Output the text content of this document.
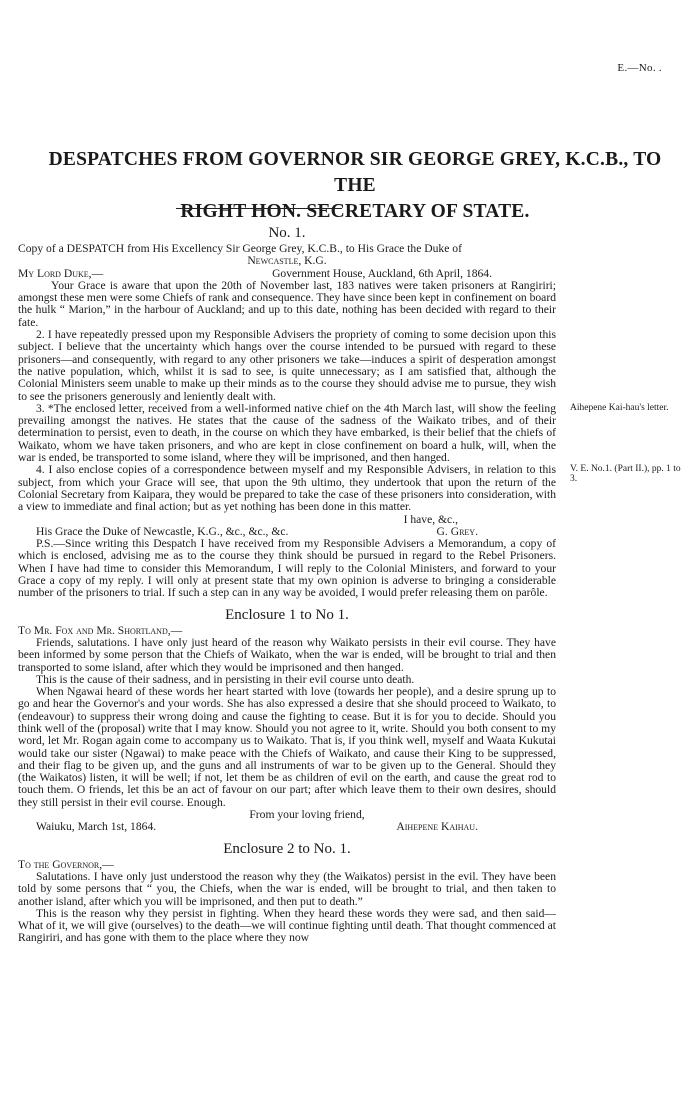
E.—No. .
DESPATCHES FROM GOVERNOR SIR GEORGE GREY, K.C.B., TO THE
RIGHT HON. SECRETARY OF STATE.

No. 1.

Copy of a DESPATCH from His Excellency Sir George Grey, K.C.B., to His Grace the Duke of

Newcastle, K.G.

My Lord Duke,—	Government House, Auckland, 6th April, 1864.

Your Grace is aware that upon the 20th of November last, 183 natives were taken prisoners at Rangiriri; amongst these men were some Chiefs of rank and consequence. They have since been kept in confinement on board the hulk “ Marion,” in the harbour of Auckland; and up to this date, nothing has been decided with regard to their fate.

2. I have repeatedly pressed upon my Responsible Advisers the propriety of coming to some decision upon this subject. I believe that the uncertainty which hangs over the course intended to be pursued with regard to these prisoners—and consequently, with regard to any other prisoners we take—induces a spirit of desperation amongst the native population, which, whilst it is sad to see, is quite unnecessary; as I am satisfied that, although the Colonial Ministers seem unable to make up their minds as to the course they should advise me to pursue, they wish to see the prisoners generously and leniently dealt with.

3. *The enclosed letter, received from a well-informed native chief on the 4th March last, will show the feeling prevailing amongst the natives. He states that the cause of the sadness of the Waikato tribes, and of their determination to persist, even to death, in the course on which they have embarked, is their belief that the chiefs of Waikato, whom we have taken prisoners, and who are kept in close confinement on board a hulk, will, when the war is ended, be transported to some island, where they will be imprisoned, and then hanged.

Aihepene Kai-hau's letter.

4. I also enclose copies of a correspondence between myself and my Responsible Advisers, in relation to this subject, from which your Grace will see, that upon the 9th ultimo, they undertook that upon the return of the Colonial Secretary from Kaipara, they would be prepared to take the case of these prisoners into consideration, with a view to immediate and final action; but as yet nothing has been done in this matter.

V. E. No.1. (Part II.), pp. 1 to 3.

I have, &c.,

His Grace the Duke of Newcastle, K.G., &c., &c., &c.	G. Grey.

P.S.—Since writing this Despatch I have received from my Responsible Advisers a Memorandum, a copy of which is enclosed, advising me as to the course they think should be pursued in regard to the Rebel Prisoners. When I have had time to consider this Memorandum, I will reply to the Colonial Ministers, and forward to your Grace a copy of my reply. I will only at present state that my own opinion is adverse to bringing a considerable number of the prisoners to trial. If such a step can in any way be avoided, I would prefer releasing them on parôle.

Enclosure 1 to No 1.

To Mr. Fox and Mr. Shortland,—

Friends, salutations. I have only just heard of the reason why Waikato persists in their evil course. They have been informed by some person that the Chiefs of Waikato, when the war is ended, will be brought to trial and then transported to some island, after which they would be imprisoned and then hanged.

This is the cause of their sadness, and in persisting in their evil course unto death.

When Ngawai heard of these words her heart started with love (towards her people), and a desire sprung up to go and hear the Governor's and your words. She has also expressed a desire that she should proceed to Waikato, to (endeavour) to suppress their wrong doing and cause the fighting to cease. But it is for you to decide. Should you think well of the (proposal) write that I may know. Should you not agree to it, write. Should you both consent to my word, let Mr. Rogan again come to accompany us to Waikato. That is, if you think well, myself and Waata Kukutai would take our sister (Ngawai) to make peace with the Chiefs of Waikato, and cause their King to be suppressed, and their flag to be given up, and the guns and all instruments of war to be given up to the General. Should they (the Waikatos) listen, it will be well; if not, let them be as children of evil on the earth, and cause the great rod to touch them. O friends, let this be an act of favour on our part; after which leave them to their own desires, should they still persist in their evil course. Enough.

From your loving friend,

Waiuku, March 1st, 1864.	Aihepene Kaihau.

Enclosure 2 to No. 1.

To the Governor,—

Salutations. I have only just understood the reason why they (the Waikatos) persist in the evil. They have been told by some persons that “ you, the Chiefs, when the war is ended, will be brought to trial, and then taken to another island, after which you will be imprisoned, and then put to death.”

This is the reason why they persist in fighting. When they heard these words they were sad, and then said—What of it, we will give (ourselves) to the death—we will continue fighting until death. That thought commenced at Rangiriri, and has gone with them to the place where they now
